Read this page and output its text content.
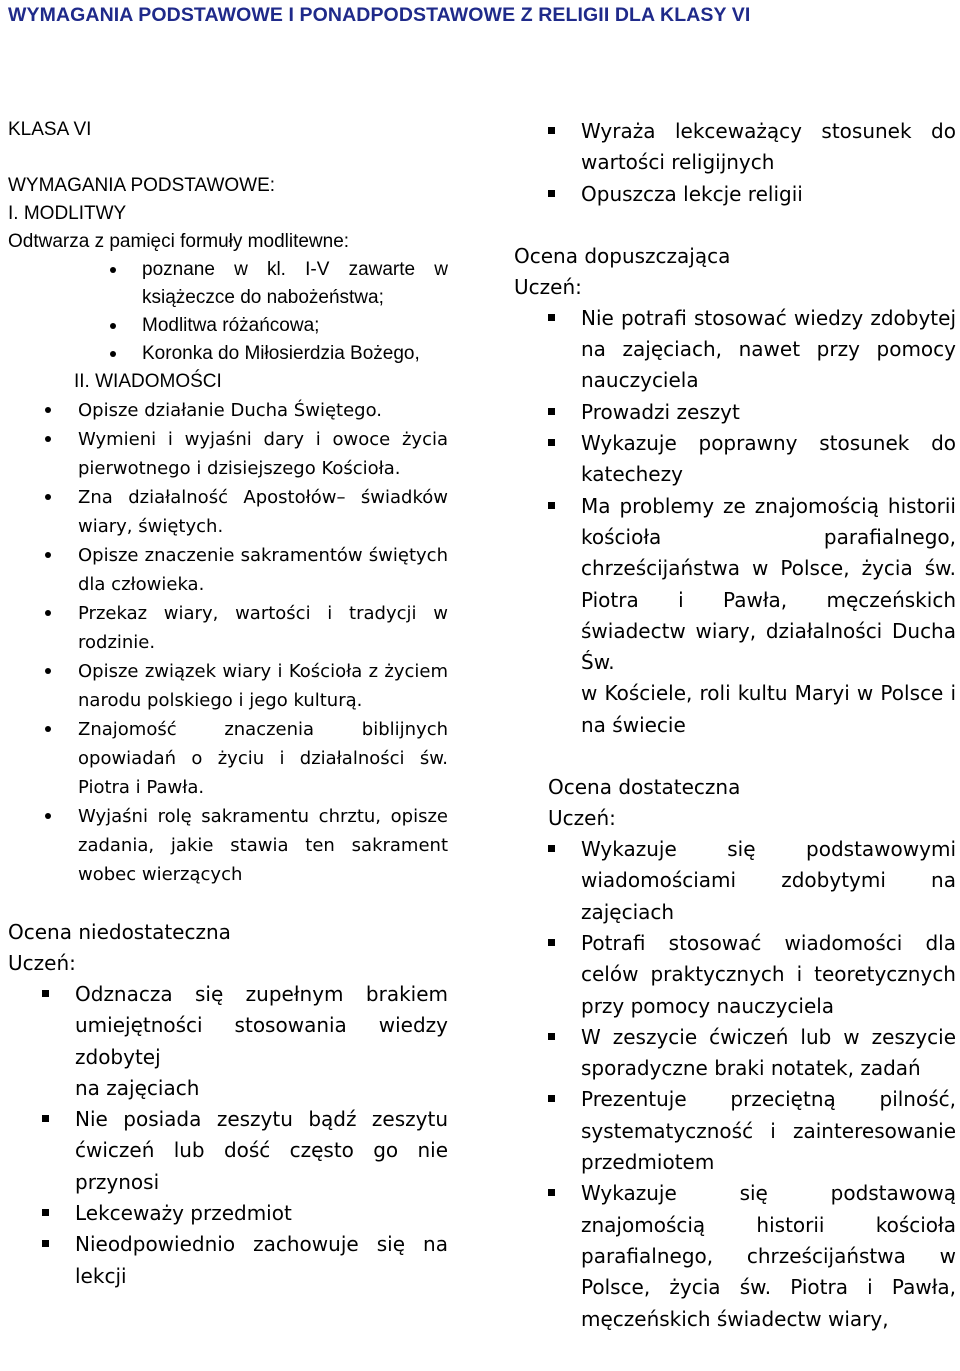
WYMAGANIA PODSTAWOWE I PONADPODSTAWOWE Z RELIGII DLA KLASY VI

KLASA VI

WYMAGANIA PODSTAWOWE:

I. MODLITWY

Odtwarza z pamięci formuły modlitewne:

poznane w kl. I-V zawarte w książeczce do nabożeństwa;
Modlitwa różańcowa;
Koronka do Miłosierdzia Bożego,

II. WIADOMOŚCI

Opisze działanie Ducha Świętego.
Wymieni i wyjaśni dary i owoce życia pierwotnego i dzisiejszego Kościoła.
Zna działalność Apostołów– świadków wiary, świętych.
Opisze znaczenie sakramentów świętych dla człowieka.
Przekaz wiary, wartości i tradycji w rodzinie.
Opisze związek wiary i Kościoła z życiem narodu polskiego i jego kulturą.
Znajomość znaczenia biblijnych opowiadań o życiu i działalności św. Piotra i Pawła.
Wyjaśni rolę sakramentu chrztu, opisze zadania, jakie stawia ten sakrament wobec wierzących

Ocena niedostateczna

Uczeń:

Odznacza się zupełnym brakiem umiejętności stosowania wiedzy zdobytej
na zajęciach
Nie posiada zeszytu bądź zeszytu ćwiczeń lub dość często go nie przynosi
Lekceważy przedmiot
Nieodpowiednio zachowuje się na lekcji
Wyraża lekceważący stosunek do wartości religijnych
Opuszcza lekcje religii

Ocena dopuszczająca

Uczeń:

Nie potrafi stosować wiedzy zdobytej na zajęciach, nawet przy pomocy nauczyciela
Prowadzi zeszyt
Wykazuje poprawny stosunek do katechezy
Ma problemy ze znajomością historii kościoła parafialnego, chrześcijaństwa w Polsce, życia św. Piotra i Pawła, męczeńskich świadectw wiary, działalności Ducha Św.
w Kościele, roli kultu Maryi w Polsce i na świecie

Ocena dostateczna

Uczeń:

Wykazuje się podstawowymi wiadomościami zdobytymi na zajęciach
Potrafi stosować wiadomości dla celów praktycznych i teoretycznych przy pomocy nauczyciela
W zeszycie ćwiczeń lub w zeszycie sporadyczne braki notatek, zadań
Prezentuje przeciętną pilność, systematyczność i zainteresowanie przedmiotem
Wykazuje się podstawową znajomością historii kościoła parafialnego, chrześcijaństwa w Polsce, życia św. Piotra i Pawła, męczeńskich świadectw wiary,
